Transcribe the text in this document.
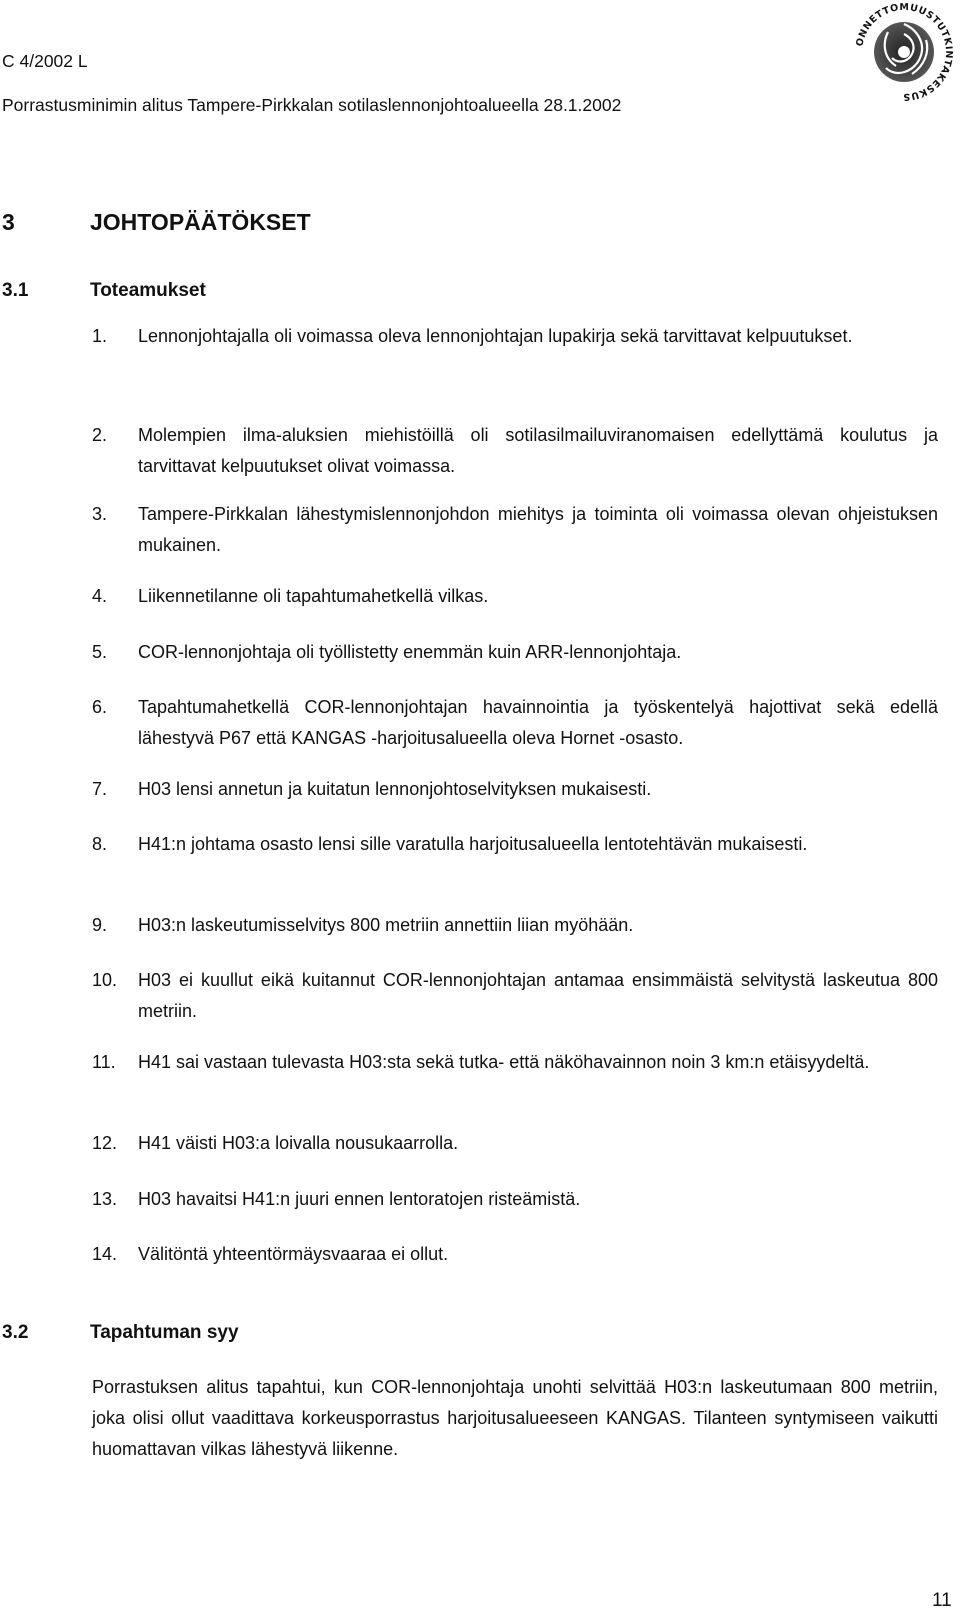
C 4/2002 L
Porrastusminimin alitus Tampere-Pirkkalan sotilaslennonjohtoalueella 28.1.2002
ONNETTOMUUSTUTKINTAKESKUS
3	JOHTOPÄÄTÖKSET
3.1	Toteamukset
1.	Lennonjohtajalla oli voimassa oleva lennonjohtajan lupakirja sekä tarvittavat kelpuutukset.
2.	Molempien ilma-aluksien miehistöillä oli sotilasilmailuviranomaisen edellyttämä koulutus ja tarvittavat kelpuutukset olivat voimassa.
3.	Tampere-Pirkkalan lähestymislennonjohdon miehitys ja toiminta oli voimassa olevan ohjeistuksen mukainen.
4.	Liikennetilanne oli tapahtumahetkellä vilkas.
5.	COR-lennonjohtaja oli työllistetty enemmän kuin ARR-lennonjohtaja.
6.	Tapahtumahetkellä COR-lennonjohtajan havainnointia ja työskentelyä hajottivat sekä edellä lähestyvä P67 että KANGAS -harjoitusalueella oleva Hornet -osasto.
7.	H03 lensi annetun ja kuitatun lennonjohtoselvityksen mukaisesti.
8.	H41:n johtama osasto lensi sille varatulla harjoitusalueella lentotehtävän mukaisesti.
9.	H03:n laskeutumisselvitys 800 metriin annettiin liian myöhään.
10.	H03 ei kuullut eikä kuitannut COR-lennonjohtajan antamaa ensimmäistä selvitystä laskeutua 800 metriin.
11.	H41 sai vastaan tulevasta H03:sta sekä tutka- että näköhavainnon noin 3 km:n etäisyydeltä.
12.	H41 väisti H03:a loivalla nousukaarrolla.
13.	H03 havaitsi H41:n juuri ennen lentoratojen risteämistä.
14.	Välitöntä yhteentörmäysvaaraa ei ollut.
3.2	Tapahtuman syy
Porrastuksen alitus tapahtui, kun COR-lennonjohtaja unohti selvittää H03:n laskeutumaan 800 metriin, joka olisi ollut vaadittava korkeusporrastus harjoitusalueeseen KANGAS. Tilanteen syntymiseen vaikutti huomattavan vilkas lähestyvä liikenne.
11
